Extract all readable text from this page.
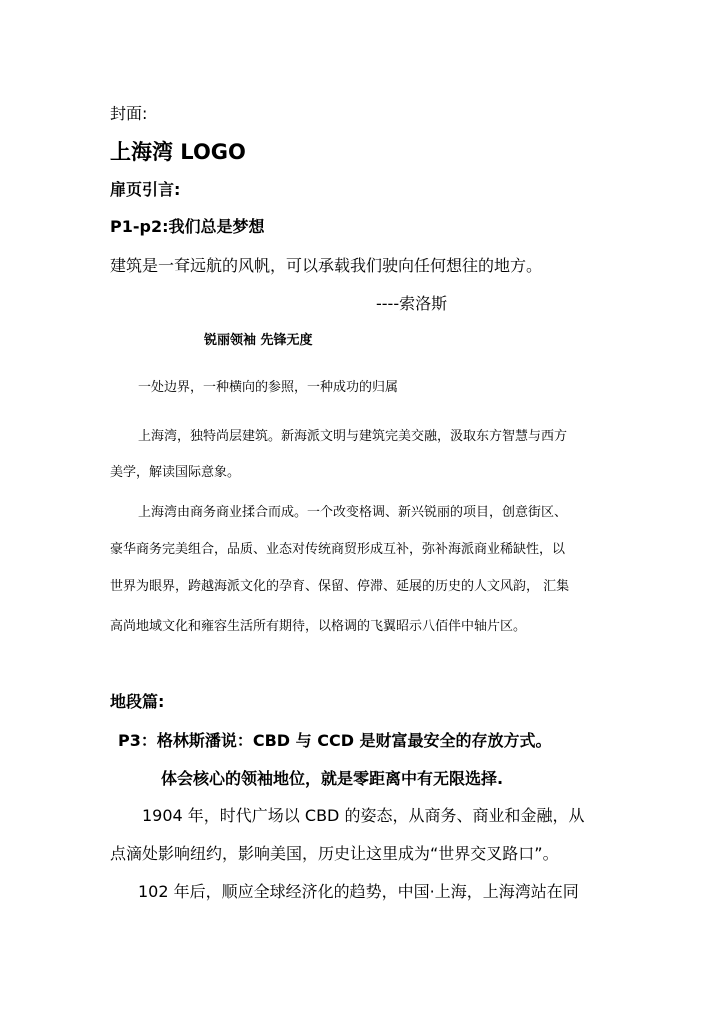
封面:
上海湾 LOGO
扉页引言:
P1-p2:我们总是梦想
建筑是一耷远航的风帆，可以承载我们驶向任何想往的地方。
----索洛斯
锐丽领袖 先锋无度
一处边界，一种横向的参照，一种成功的归属
上海湾，独特尚层建筑。新海派文明与建筑完美交融，汲取东方智慧与西方
美学，解读国际意象。
上海湾由商务商业揉合而成。一个改变格调、新兴锐丽的项目，创意街区、
豪华商务完美组合，品质、业态对传统商贸形成互补，弥补海派商业稀缺性，以
世界为眼界，跨越海派文化的孕育、保留、停滞、延展的历史的人文风韵， 汇集
高尚地域文化和雍容生活所有期待，以格调的飞翼昭示八佰伴中轴片区。
地段篇:
P3：格林斯潘说：CBD 与 CCD 是财富最安全的存放方式。
体会核心的领袖地位，就是零距离中有无限选择.
1904 年，时代广场以 CBD 的姿态，从商务、商业和金融，从
点滴处影响纽约，影响美国，历史让这里成为“世界交叉路口”。
102 年后，顺应全球经济化的趋势，中国·上海，上海湾站在同
